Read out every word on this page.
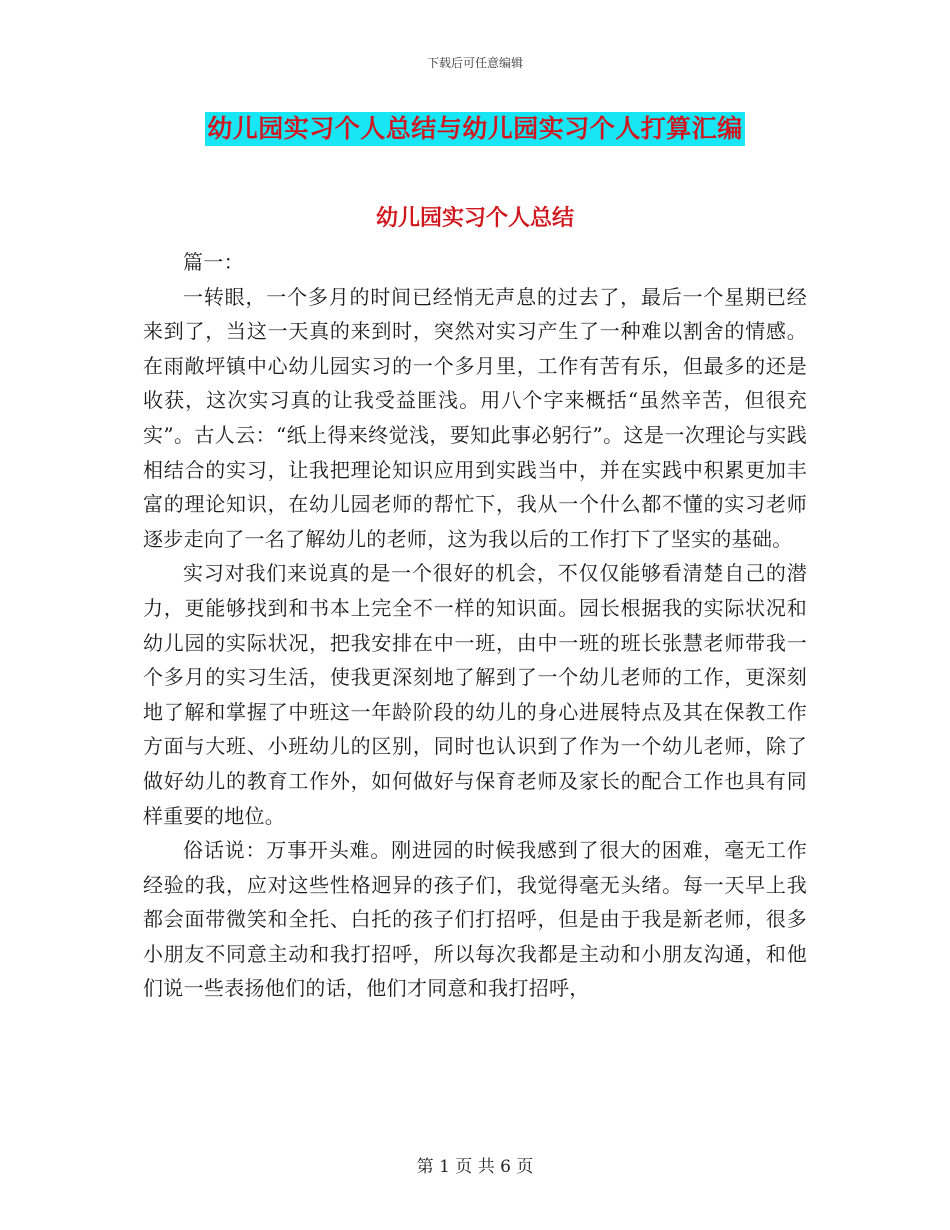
下载后可任意编辑
幼儿园实习个人总结与幼儿园实习个人打算汇编
幼儿园实习个人总结

篇一：

一转眼，一个多月的时间已经悄无声息的过去了，最后一个星期已经来到了，当这一天真的来到时，突然对实习产生了一种难以割舍的情感。在雨敞坪镇中心幼儿园实习的一个多月里，工作有苦有乐，但最多的还是收获，这次实习真的让我受益匪浅。用八个字来概括“虽然辛苦，但很充实”。古人云：“纸上得来终觉浅，要知此事必躬行”。这是一次理论与实践相结合的实习，让我把理论知识应用到实践当中，并在实践中积累更加丰富的理论知识，在幼儿园老师的帮忙下，我从一个什么都不懂的实习老师逐步走向了一名了解幼儿的老师，这为我以后的工作打下了坚实的基础。

实习对我们来说真的是一个很好的机会，不仅仅能够看清楚自己的潜力，更能够找到和书本上完全不一样的知识面。园长根据我的实际状况和幼儿园的实际状况，把我安排在中一班，由中一班的班长张慧老师带我一个多月的实习生活，使我更深刻地了解到了一个幼儿老师的工作，更深刻地了解和掌握了中班这一年龄阶段的幼儿的身心进展特点及其在保教工作方面与大班、小班幼儿的区别，同时也认识到了作为一个幼儿老师，除了做好幼儿的教育工作外，如何做好与保育老师及家长的配合工作也具有同样重要的地位。

俗话说：万事开头难。刚进园的时候我感到了很大的困难，毫无工作经验的我，应对这些性格迥异的孩子们，我觉得毫无头绪。每一天早上我都会面带微笑和全托、白托的孩子们打招呼，但是由于我是新老师，很多小朋友不同意主动和我打招呼，所以每次我都是主动和小朋友沟通，和他们说一些表扬他们的话，他们才同意和我打招呼，

第 1 页 共 6 页
